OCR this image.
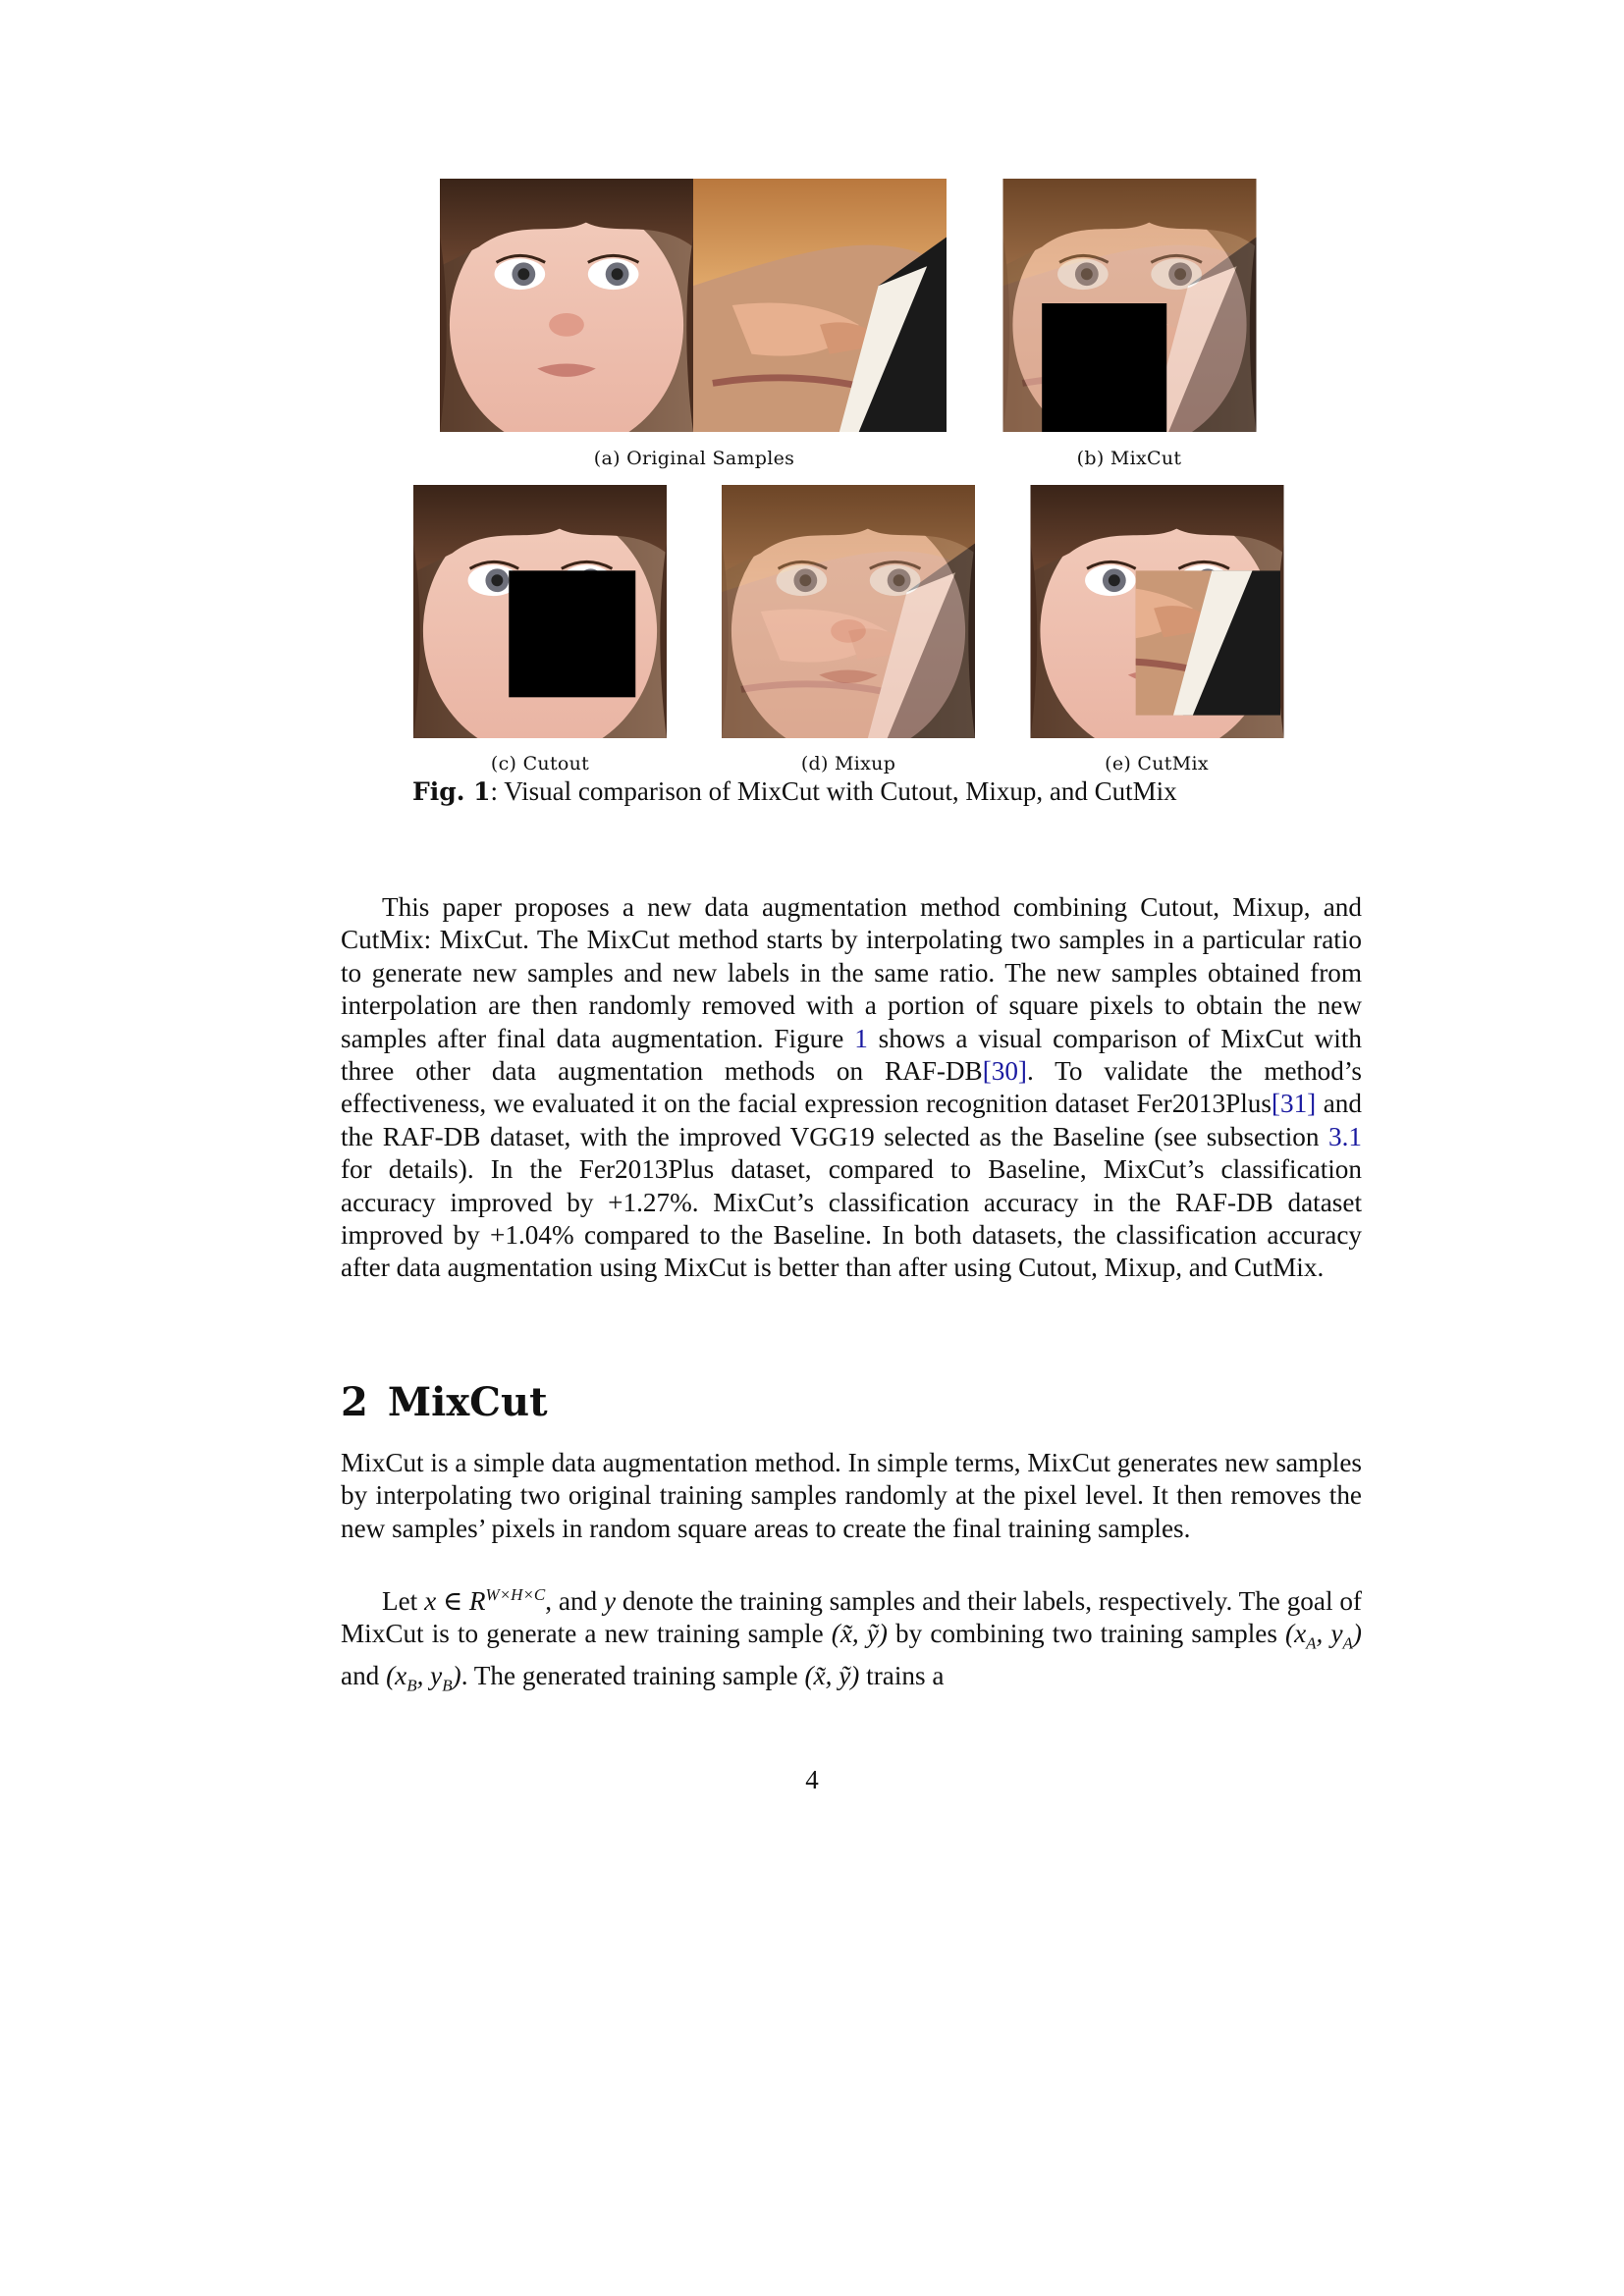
(a) Original Samples	(b) MixCut
(c) Cutout	(d) Mixup	(e) CutMix
Fig. 1: Visual comparison of MixCut with Cutout, Mixup, and CutMix
This paper proposes a new data augmentation method combining Cutout, Mixup, and CutMix: MixCut. The MixCut method starts by interpolating two samples in a particular ratio to generate new samples and new labels in the same ratio. The new samples obtained from interpolation are then randomly removed with a portion of square pixels to obtain the new samples after final data augmentation. Figure 1 shows a visual comparison of MixCut with three other data augmentation methods on RAF-DB[30]. To validate the method’s effectiveness, we evaluated it on the facial expression recognition dataset Fer2013Plus[31] and the RAF-DB dataset, with the improved VGG19 selected as the Baseline (see subsection 3.1 for details). In the Fer2013Plus dataset, compared to Baseline, MixCut’s classification accuracy improved by +1.27%. MixCut’s classification accuracy in the RAF-DB dataset improved by +1.04% compared to the Baseline. In both datasets, the classification accuracy after data augmentation using MixCut is better than after using Cutout, Mixup, and CutMix.
2 MixCut
MixCut is a simple data augmentation method. In simple terms, MixCut generates new samples by interpolating two original training samples randomly at the pixel level. It then removes the new samples’ pixels in random square areas to create the final training samples.
Let x ∈ $R^{W\times H\times C}$, and y denote the training samples and their labels, respectively. The goal of MixCut is to generate a new training sample (x̃, ỹ) by combining two training samples ($x_A$, $y_A$) and ($x_B$, $y_B$). The generated training sample (x̃, ỹ) trains a
4
